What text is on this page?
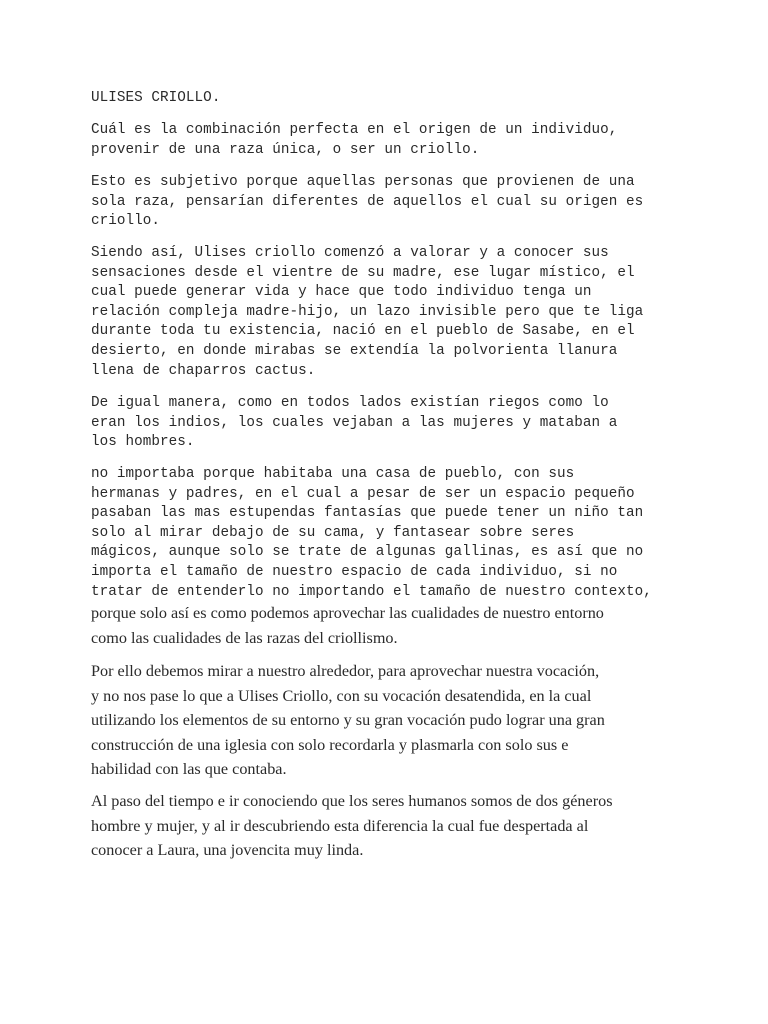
ULISES CRIOLLO.

Cuál es la combinación perfecta en el origen de un individuo,
provenir de una raza única, o ser un criollo.

Esto es subjetivo porque aquellas personas que provienen de una
sola raza, pensarían diferentes de aquellos el cual su origen es
criollo.

Siendo así, Ulises criollo comenzó a valorar y a conocer sus
sensaciones desde el vientre de su madre, ese lugar místico, el
cual puede generar vida y hace que todo individuo tenga un
relación compleja madre-hijo, un lazo invisible pero que te liga
durante toda tu existencia, nació en el pueblo de Sasabe, en el
desierto, en donde mirabas se extendía la polvorienta llanura
llena de chaparros cactus.

De igual manera, como en todos lados existían riegos como lo
eran los indios, los cuales vejaban a las mujeres y mataban a
los hombres.

no importaba porque habitaba una casa de pueblo, con sus
hermanas y padres, en el cual a pesar de ser un espacio pequeño
pasaban las mas estupendas fantasías que puede tener un niño tan
solo al mirar debajo de su cama, y fantasear sobre seres
mágicos, aunque solo se trate de algunas gallinas, es así que no
importa el tamaño de nuestro espacio de cada individuo, si no
tratar de entenderlo no importando el tamaño de nuestro contexto,

porque solo así es como podemos aprovechar las cualidades de nuestro entorno
como las cualidades de las razas del criollismo.

Por ello debemos mirar a nuestro alrededor, para aprovechar nuestra vocación,
y no nos pase lo que a Ulises Criollo, con su vocación desatendida, en la cual
utilizando los elementos de su entorno y su gran vocación pudo lograr una gran
construcción de una iglesia con solo recordarla y plasmarla con solo sus e
habilidad con las que contaba.

Al paso del tiempo e ir conociendo que los seres humanos somos de dos géneros
hombre y mujer, y al ir descubriendo esta diferencia la cual fue despertada al
conocer a Laura, una jovencita muy linda.
